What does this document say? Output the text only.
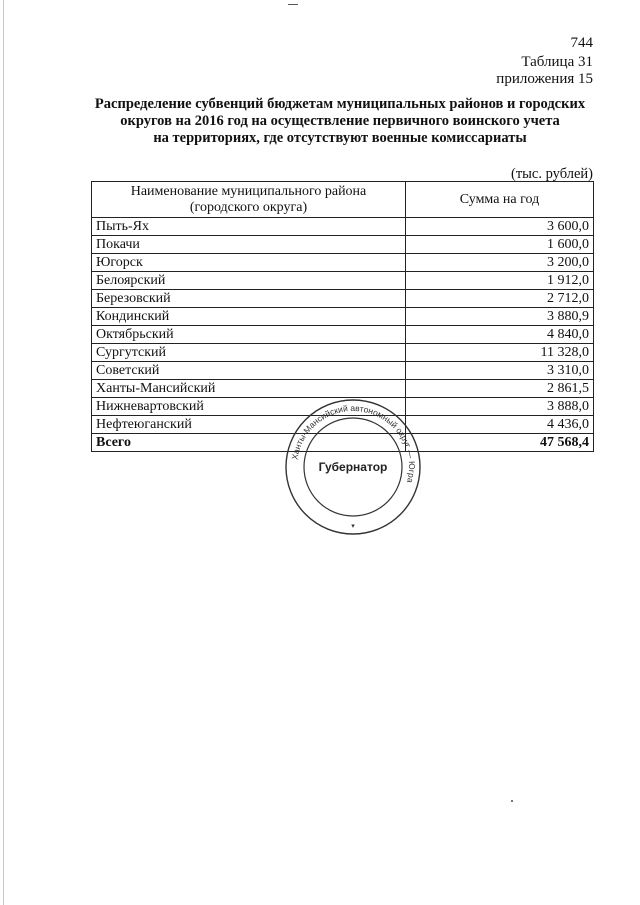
744
Таблица 31
приложения 15
Распределение субвенций бюджетам муниципальных районов и городских
округов на 2016 год на осуществление первичного воинского учета
на территориях, где отсутствуют военные комиссариаты
(тыс. рублей)
Наименование муниципального района
(городского округа)	Сумма на год
Пыть-Ях	3 600,0
Покачи	1 600,0
Югорск	3 200,0
Белоярский	1 912,0
Березовский	2 712,0
Кондинский	3 880,9
Октябрьский	4 840,0
Сургутский	11 328,0
Советский	3 310,0
Ханты-Мансийский	2 861,5
Нижневартовский	3 888,0
Нефтеюганский	4 436,0
Всего	47 568,4
Ханты-Мансийский автономный округ — Югра
Губернатор
▾
